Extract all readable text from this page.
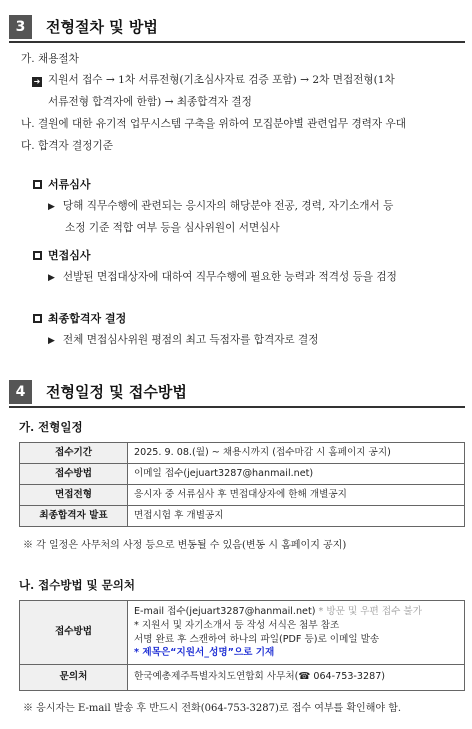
3	전형절차 및 방법
가. 채용절차
➜ 지원서 접수 → 1차 서류전형(기초심사자료 검증 포함) → 2차 면접전형(1차
서류전형 합격자에 한함) → 최종합격자 결정
나. 결원에 대한 유기적 업무시스템 구축을 위하여 모집분야별 관련업무 경력자 우대
다. 합격자 결정기준
서류심사
▶ 당해 직무수행에 관련되는 응시자의 해당분야 전공, 경력, 자기소개서 등
소정 기준 적합 여부 등을 심사위원이 서면심사
면접심사
▶ 선발된 면접대상자에 대하여 직무수행에 필요한 능력과 적격성 등을 검정
최종합격자 결정
▶ 전체 면접심사위원 평점의 최고 득점자를 합격자로 결정
4	전형일정 및 접수방법
가. 전형일정
접수기간	2025. 9. 08.(월) ~ 채용시까지 (접수마감 시 홈페이지 공지)
접수방법	이메일 접수(jejuart3287@hanmail.net)
면접전형	응시자 중 서류심사 후 면접대상자에 한해 개별공지
최종합격자 발표	면접시험 후 개별공지
※ 각 일정은 사무처의 사정 등으로 변동될 수 있음(변동 시 홈페이지 공지)
나. 접수방법 및 문의처
접수방법	E-mail 접수(jejuart3287@hanmail.net) * 방문 및 우편 접수 불가
* 지원서 및 자기소개서 등 작성 서식은 첨부 참조
서명 완료 후 스캔하여 하나의 파일(PDF 등)로 이메일 발송
* 제목은“지원서_성명”으로 기재

문의처	한국예총제주특별자치도연합회 사무처(☎ 064-753-3287)
※ 응시자는 E-mail 발송 후 반드시 전화(064-753-3287)로 접수 여부를 확인해야 함.
